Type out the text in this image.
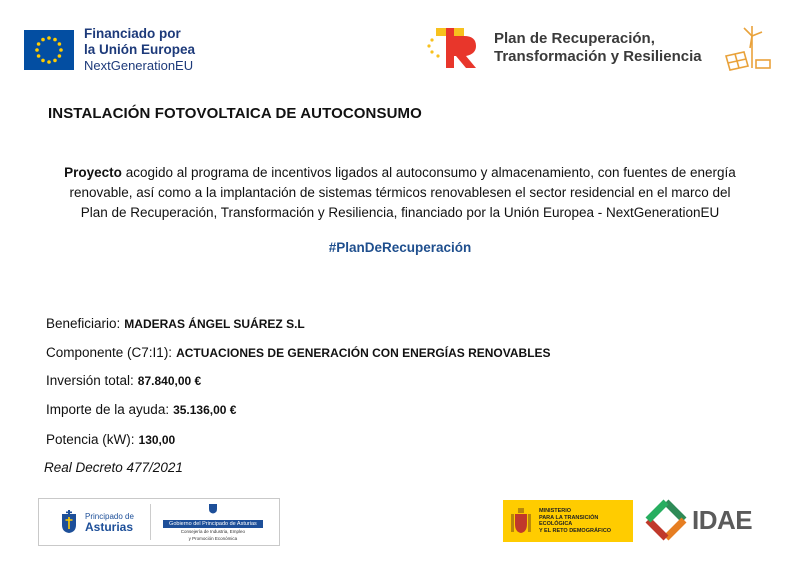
Financiado por
la Unión Europea
NextGenerationEU
Plan de Recuperación,
Transformación y Resiliencia
INSTALACIÓN FOTOVOLTAICA DE AUTOCONSUMO
Proyecto acogido al programa de incentivos ligados al autoconsumo y almacenamiento, con fuentes de energía
renovable, así como a la implantación de sistemas térmicos renovablesen el sector residencial en el marco del
Plan de Recuperación, Transformación y Resiliencia, financiado por la Unión Europea - NextGenerationEU
#PlanDeRecuperación
Beneficiario: MADERAS ÁNGEL SUÁREZ S.L
Componente (C7:I1): ACTUACIONES DE GENERACIÓN CON ENERGÍAS RENOVABLES
Inversión total: 87.840,00 €
Importe de la ayuda: 35.136,00 €
Potencia (kW): 130,00
Real Decreto 477/2021
Principado de
Asturias	Gobierno del Principado de Asturias
Consejería de Industria, Empleo
y Promoción Económica
MINISTERIO
PARA LA TRANSICIÓN ECOLÓGICA
Y EL RETO DEMOGRÁFICO	IDAE
